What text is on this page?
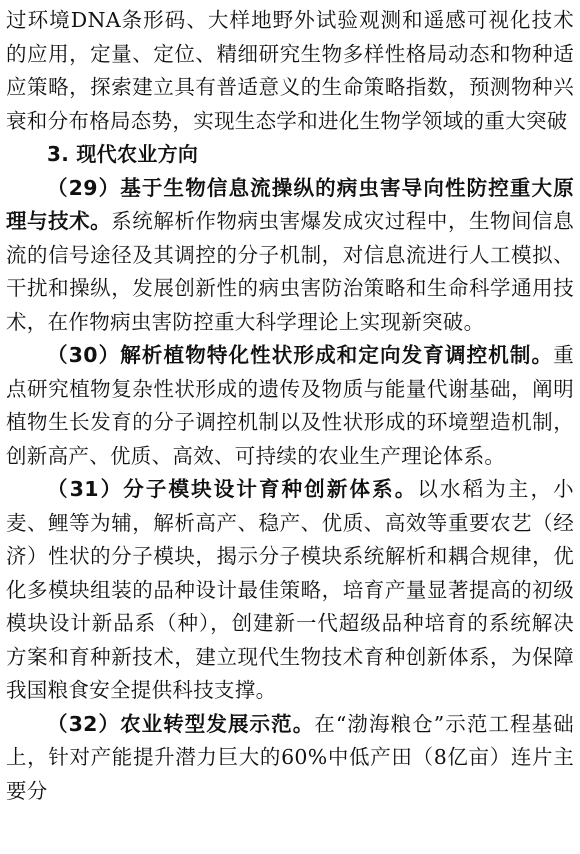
过环境DNA条形码、大样地野外试验观测和遥感可视化技术的应用，定量、定位、精细研究生物多样性格局动态和物种适应策略，探索建立具有普适意义的生命策略指数，预测物种兴衰和分布格局态势，实现生态学和进化生物学领域的重大突破

3. 现代农业方向

（29）基于生物信息流操纵的病虫害导向性防控重大原理与技术。系统解析作物病虫害爆发成灾过程中，生物间信息流的信号途径及其调控的分子机制，对信息流进行人工模拟、干扰和操纵，发展创新性的病虫害防治策略和生命科学通用技术，在作物病虫害防控重大科学理论上实现新突破。

（30）解析植物特化性状形成和定向发育调控机制。重点研究植物复杂性状形成的遗传及物质与能量代谢基础，阐明植物生长发育的分子调控机制以及性状形成的环境塑造机制，创新高产、优质、高效、可持续的农业生产理论体系。

（31）分子模块设计育种创新体系。以水稻为主，小麦、鲤等为辅，解析高产、稳产、优质、高效等重要农艺（经济）性状的分子模块，揭示分子模块系统解析和耦合规律，优化多模块组装的品种设计最佳策略，培育产量显著提高的初级模块设计新品系（种），创建新一代超级品种培育的系统解决方案和育种新技术，建立现代生物技术育种创新体系，为保障我国粮食安全提供科技支撑。

（32）农业转型发展示范。在“渤海粮仓”示范工程基础上，针对产能提升潜力巨大的60%中低产田（8亿亩）连片主要分
